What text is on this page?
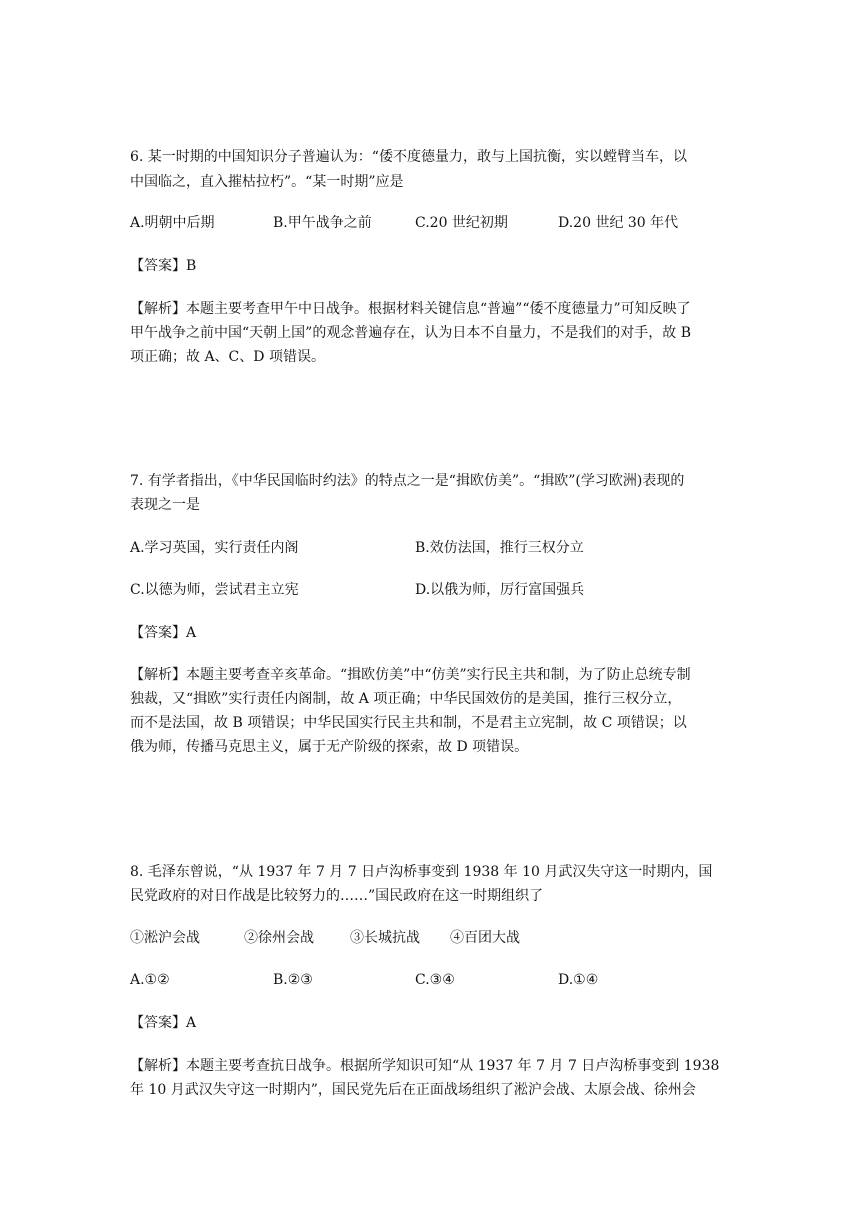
6. 某一时期的中国知识分子普遍认为：“倭不度德量力，敢与上国抗衡，实以螳臂当车，以
中国临之，直入摧枯拉朽”。“某一时期”应是
A.明朝中后期	B.甲午战争之前	C.20 世纪初期	D.20 世纪 30 年代
【答案】B
【解析】本题主要考查甲午中日战争。根据材料关键信息“普遍”“倭不度德量力”可知反映了
甲午战争之前中国“天朝上国”的观念普遍存在，认为日本不自量力，不是我们的对手，故 B
项正确；故 A、C、D 项错误。
7. 有学者指出，《中华民国临时约法》的特点之一是“揖欧仿美”。“揖欧”(学习欧洲)表现的
表现之一是
A.学习英国，实行责任内阁	B.效仿法国，推行三权分立
C.以德为师，尝试君主立宪	D.以俄为师，厉行富国强兵
【答案】A
【解析】本题主要考查辛亥革命。“揖欧仿美”中“仿美”实行民主共和制，为了防止总统专制
独裁，又“揖欧”实行责任内阁制，故 A 项正确；中华民国效仿的是美国，推行三权分立，
而不是法国，故 B 项错误；中华民国实行民主共和制，不是君主立宪制，故 C 项错误；以
俄为师，传播马克思主义，属于无产阶级的探索，故 D 项错误。
8. 毛泽东曾说，“从 1937 年 7 月 7 日卢沟桥事变到 1938 年 10 月武汉失守这一时期内，国
民党政府的对日作战是比较努力的……”国民政府在这一时期组织了
①淞沪会战	②徐州会战	③长城抗战 ④百团大战
A.①②	B.②③	C.③④	D.①④
【答案】A
【解析】本题主要考查抗日战争。根据所学知识可知“从 1937 年 7 月 7 日卢沟桥事变到 1938
年 10 月武汉失守这一时期内”，国民党先后在正面战场组织了淞沪会战、太原会战、徐州会
